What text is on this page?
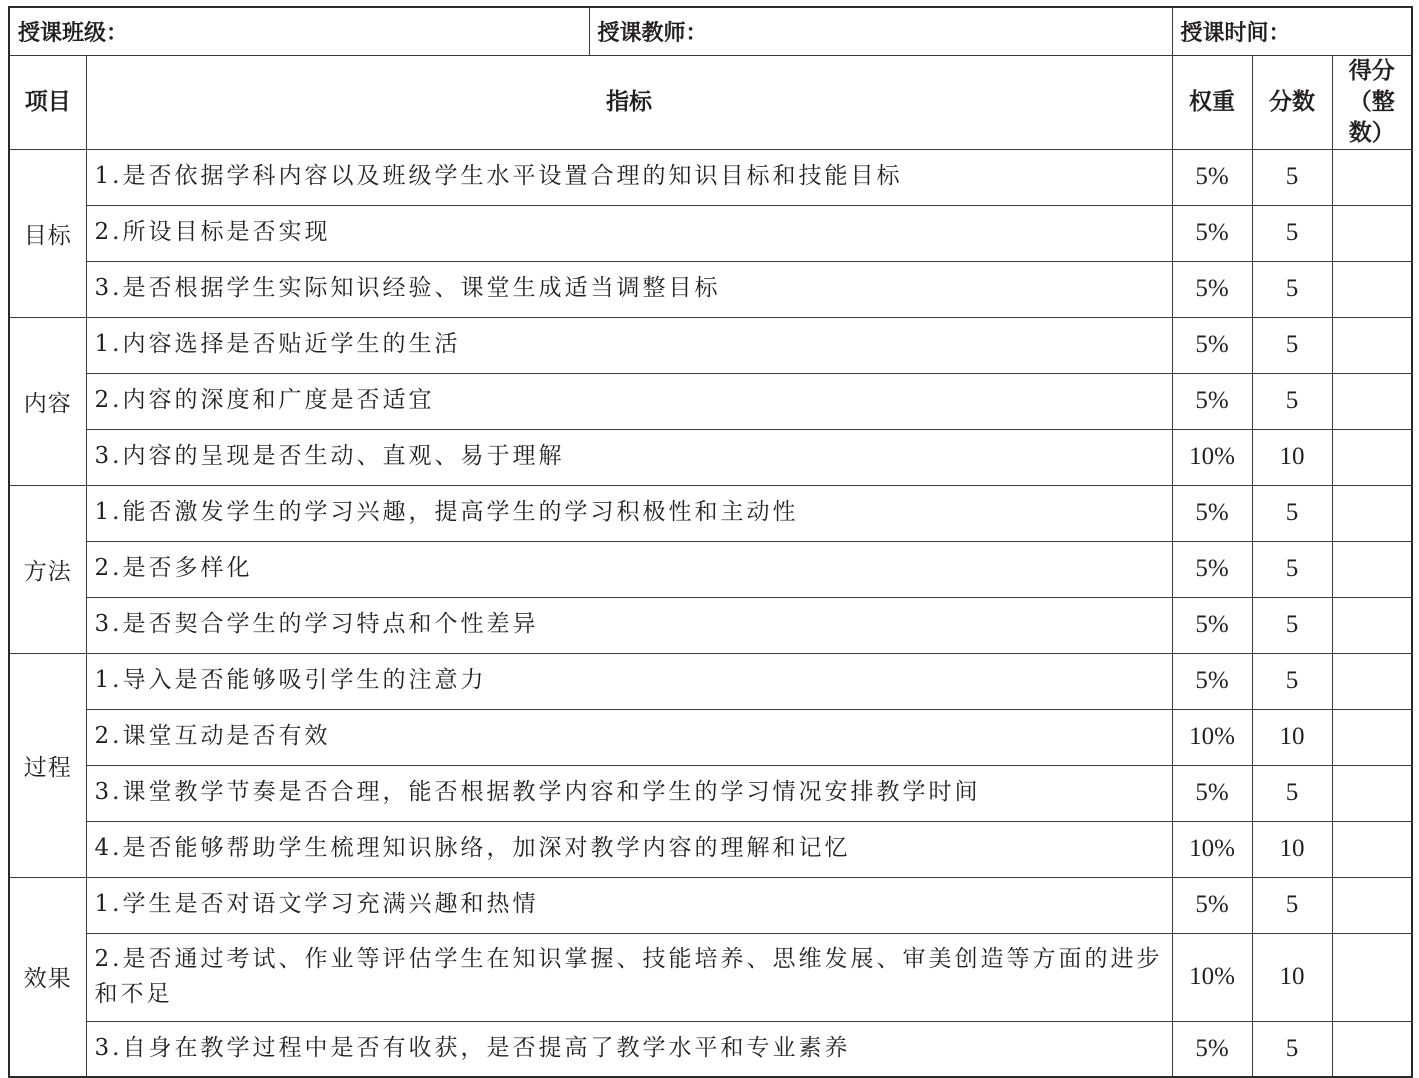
授课班级：		授课教师：	授课时间：		
项目	指标		权重	分数	得分
（整数）

目标	1.是否依据学科内容以及班级学生水平设置合理的知识目标和技能目标		5%	5	
	2.所设目标是否实现		5%	5	
	3.是否根据学生实际知识经验、课堂生成适当调整目标		5%	5	
内容	1.内容选择是否贴近学生的生活		5%	5	
	2.内容的深度和广度是否适宜		5%	5	
	3.内容的呈现是否生动、直观、易于理解		10%	10	
方法	1.能否激发学生的学习兴趣，提高学生的学习积极性和主动性		5%	5	
	2.是否多样化		5%	5	
	3.是否契合学生的学习特点和个性差异		5%	5	
过程	1.导入是否能够吸引学生的注意力		5%	5	
	2.课堂互动是否有效		10%	10	
	3.课堂教学节奏是否合理，能否根据教学内容和学生的学习情况安排教学时间		5%	5	
	4.是否能够帮助学生梳理知识脉络，加深对教学内容的理解和记忆		10%	10	
效果	1.学生是否对语文学习充满兴趣和热情		5%	5	
	2.是否通过考试、作业等评估学生在知识掌握、技能培养、思维发展、审美创造等方面的进步和不足		10%	10	
	3.自身在教学过程中是否有收获，是否提高了教学水平和专业素养		5%	5	
